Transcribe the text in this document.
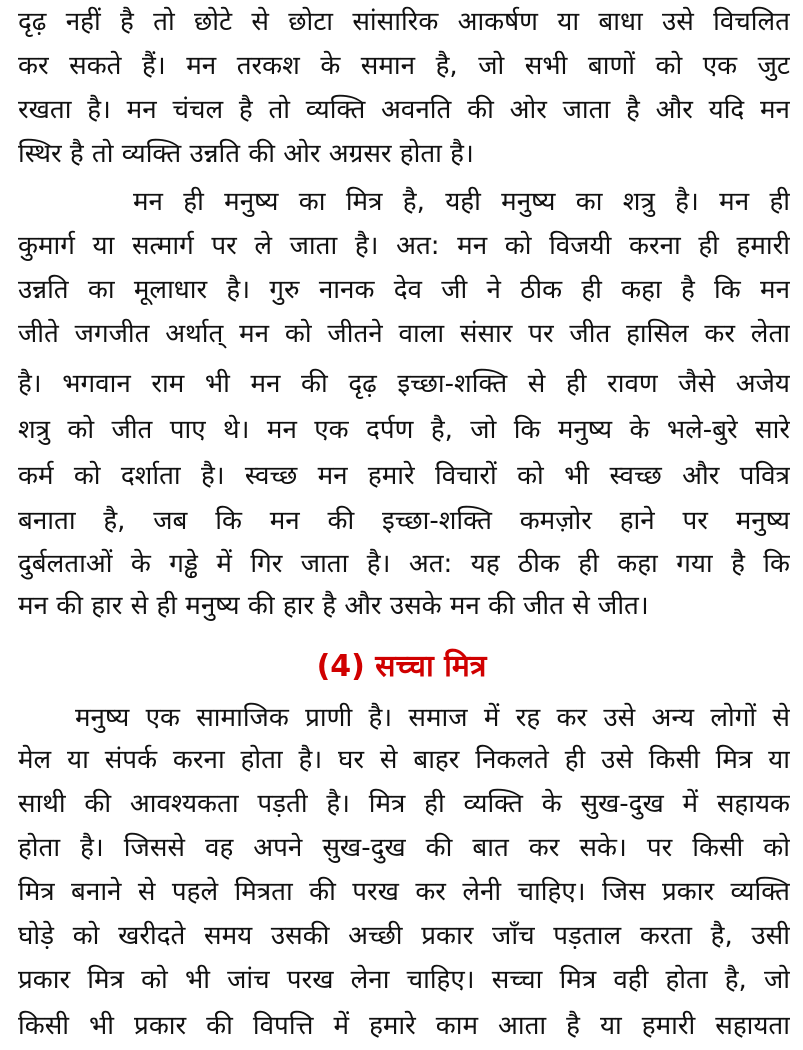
दृढ़ नहीं है तो छोटे से छोटा सांसारिक आकर्षण या बाधा उसे विचलित
कर सकते हैं। मन तरकश के समान है, जो सभी बाणों को एक जुट
रखता है। मन चंचल है तो व्यक्ति अवनति की ओर जाता है और यदि मन
स्थिर है तो व्यक्ति उन्नति की ओर अग्रसर होता है।
मन ही मनुष्य का मित्र है, यही मनुष्य का शत्रु है। मन ही
कुमार्ग या सत्मार्ग पर ले जाता है। अत: मन को विजयी करना ही हमारी
उन्नति का मूलाधार है। गुरु नानक देव जी ने ठीक ही कहा है कि मन
जीते जगजीत अर्थात् मन को जीतने वाला संसार पर जीत हासिल कर लेता
है। भगवान राम भी मन की दृढ़ इच्छा-शक्ति से ही रावण जैसे अजेय
शत्रु को जीत पाए थे। मन एक दर्पण है, जो कि मनुष्य के भले-बुरे सारे
कर्म को दर्शाता है। स्वच्छ मन हमारे विचारों को भी स्वच्छ और पवित्र
बनाता है, जब कि मन की इच्छा-शक्ति कमज़ोर हाने पर मनुष्य
दुर्बलताओं के गड्ढे में गिर जाता है। अत: यह ठीक ही कहा गया है कि
मन की हार से ही मनुष्य की हार है और उसके मन की जीत से जीत।
(4) सच्चा मित्र
मनुष्य एक सामाजिक प्राणी है। समाज में रह कर उसे अन्य लोगों से
मेल या संपर्क करना होता है। घर से बाहर निकलते ही उसे किसी मित्र या
साथी की आवश्यकता पड़ती है। मित्र ही व्यक्ति के सुख-दुख में सहायक
होता है। जिससे वह अपने सुख-दुख की बात कर सके। पर किसी को
मित्र बनाने से पहले मित्रता की परख कर लेनी चाहिए। जिस प्रकार व्यक्ति
घोड़े को खरीदते समय उसकी अच्छी प्रकार जाँच पड़ताल करता है, उसी
प्रकार मित्र को भी जांच परख लेना चाहिए। सच्चा मित्र वही होता है, जो
किसी भी प्रकार की विपत्ति में हमारे काम आता है या हमारी सहायता
